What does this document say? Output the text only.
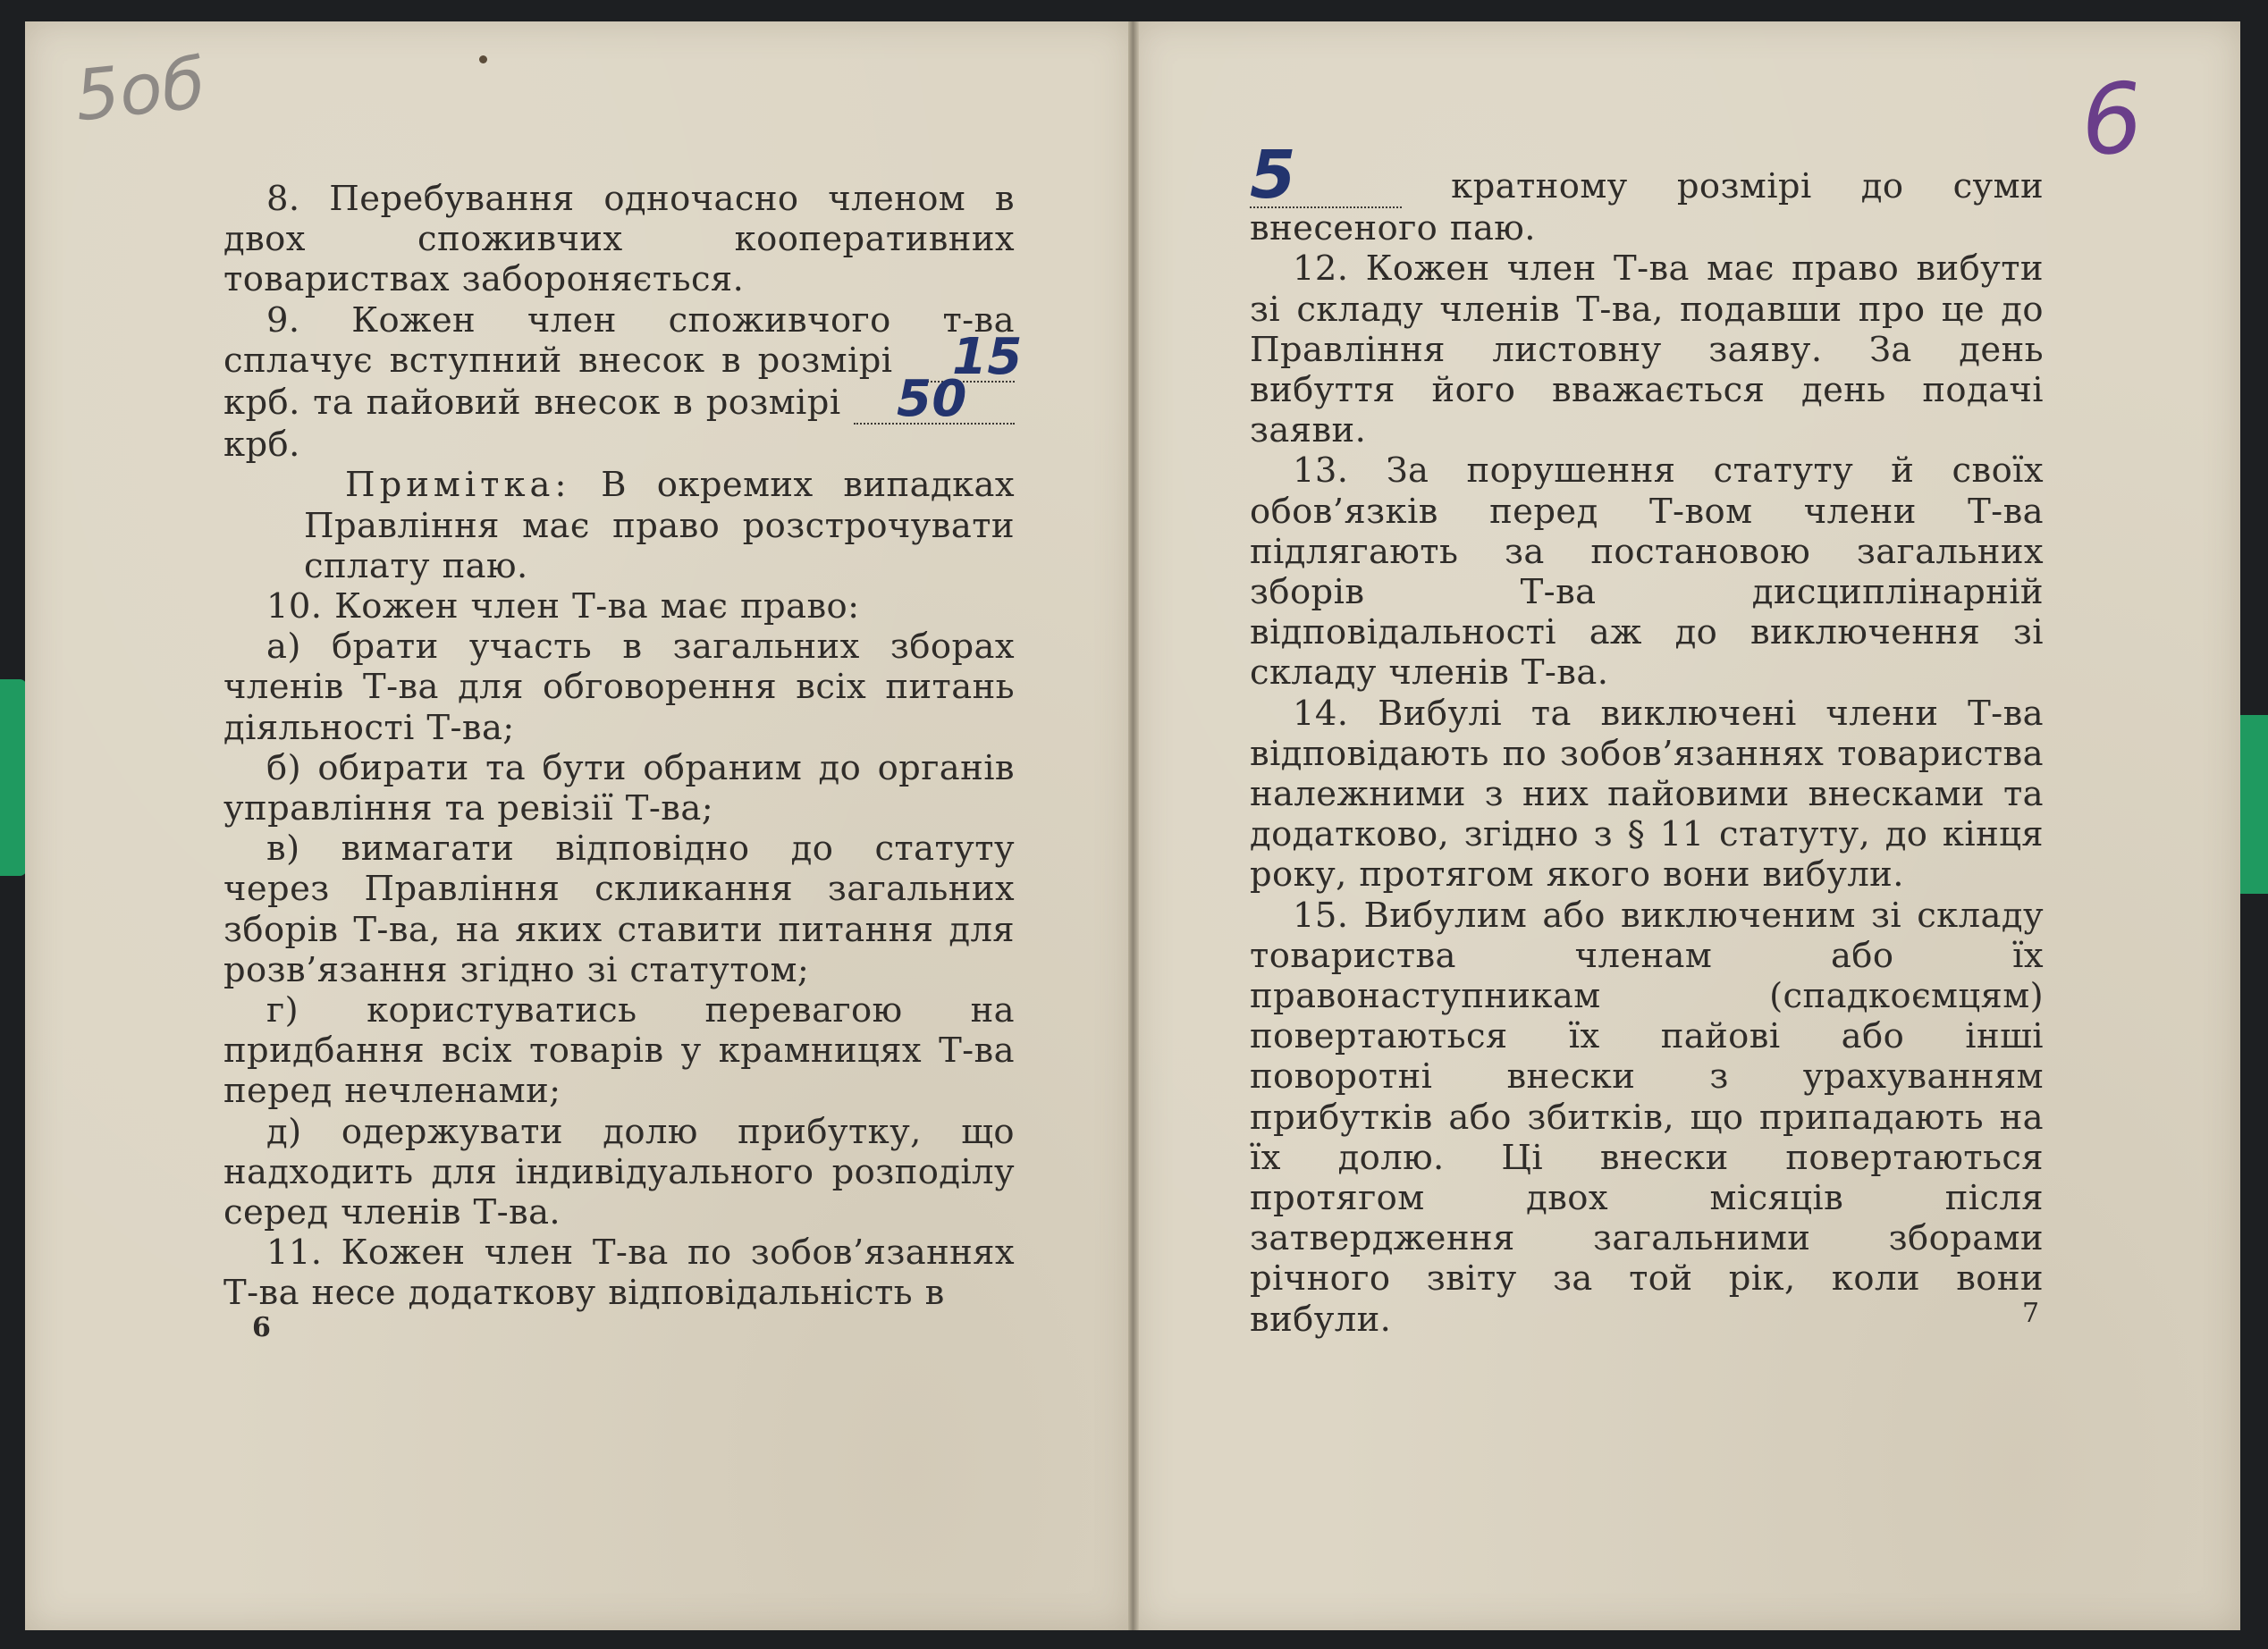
5об	6

8. Перебування одночасно членом в двох споживчих кооперативних товариствах забороняється.

9. Кожен член споживчого т-ва сплачує вступний внесок в розмірі	15
крб. та пайовий внесок в розмірі	50
крб.

Примітка: В окремих випадках Правління має право розстрочувати сплату паю.

10. Кожен член Т-ва має право:

а) брати участь в загальних зборах членів Т-ва для обговорення всіх питань діяльності Т-ва;

б) обирати та бути обраним до органів управління та ревізії Т-ва;

в) вимагати відповідно до статуту через Правління скликання загальних зборів Т-ва, на яких ставити питання для розв’язання згідно зі статутом;

г) користуватись перевагою на придбання всіх товарів у крамницях Т-ва перед нечленами;

д) одержувати долю прибутку, що надходить для індивідуального розподілу серед членів Т-ва.

11. Кожен член Т-ва по зобов’язаннях Т-ва несе додаткову відповідальність в

6

5	кратному розмірі до суми внесеного паю.

12. Кожен член Т-ва має право вибути зі складу членів Т-ва, подавши про це до Правління листовну заяву. За день вибуття його вважається день подачі заяви.

13. За порушення статуту й своїх обов’язків перед Т-вом члени Т-ва підлягають за постановою загальних зборів Т-ва дисциплінарній відповідальності аж до виключення зі складу членів Т-ва.

14. Вибулі та виключені члени Т-ва відповідають по зобов’язаннях товариства належними з них пайовими внесками та додатково, згідно з § 11 статуту, до кінця року, протягом якого вони вибули.

15. Вибулим або виключеним зі складу товариства членам або їх правонаступникам (спадкоємцям) повертаються їх пайові або інші поворотні внески з урахуванням прибутків або збитків, що припадають на їх долю. Ці внески повертаються протягом двох місяців після затвердження загальними зборами річного звіту за той рік, коли вони вибули.	7
